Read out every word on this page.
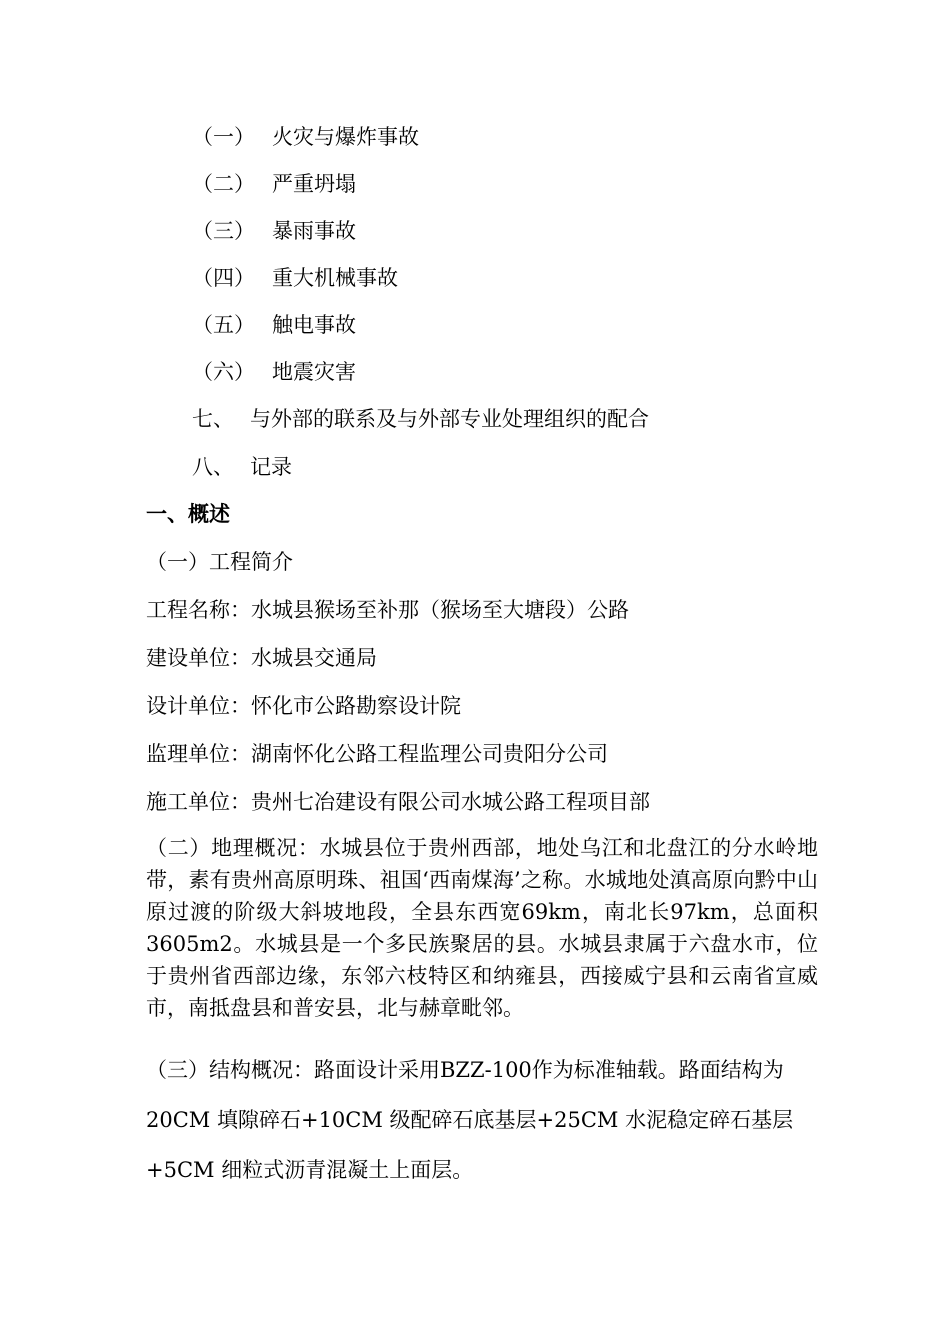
（一） 火灾与爆炸事故
（二） 严重坍塌
（三） 暴雨事故
（四） 重大机械事故
（五） 触电事故
（六） 地震灾害
七、 与外部的联系及与外部专业处理组织的配合
八、 记录
一、概述
（一）工程简介
工程名称：水城县猴场至补那（猴场至大塘段）公路
建设单位：水城县交通局
设计单位：怀化市公路勘察设计院
监理单位：湖南怀化公路工程监理公司贵阳分公司
施工单位：贵州七冶建设有限公司水城公路工程项目部
（二）地理概况：水城县位于贵州西部，地处乌江和北盘江的分水岭地带，素有贵州高原明珠、祖国‘西南煤海’之称。水城地处滇高原向黔中山原过渡的阶级大斜坡地段，全县东西宽69km，南北长97km，总面积3605m2。水城县是一个多民族聚居的县。水城县隶属于六盘水市，位于贵州省西部边缘，东邻六枝特区和纳雍县，西接威宁县和云南省宣威市，南抵盘县和普安县，北与赫章毗邻。
（三）结构概况：路面设计采用BZZ-100作为标准轴载。路面结构为
20CM 填隙碎石+10CM 级配碎石底基层+25CM 水泥稳定碎石基层
+5CM 细粒式沥青混凝土上面层。
